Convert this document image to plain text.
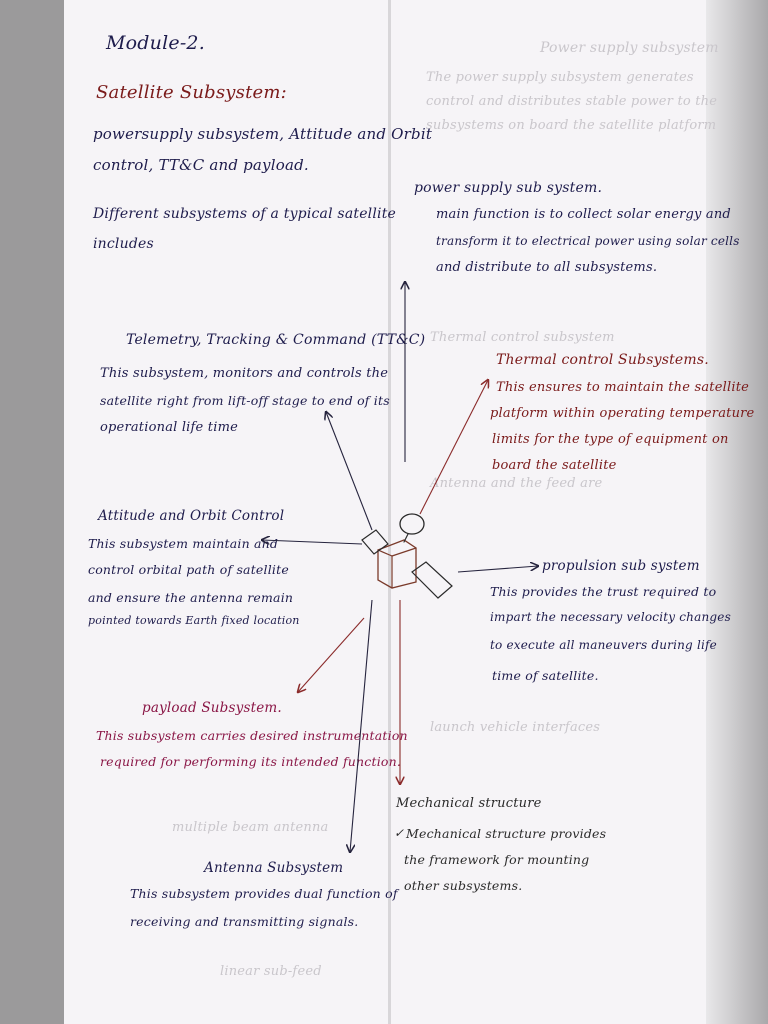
Power supply subsystem
The power supply subsystem generates
control and distributes stable power to the
subsystems on board the satellite platform
Thermal control subsystem
Antenna and the feed are
launch vehicle interfaces
multiple beam antenna
linear sub-feed
Module-2.
Satellite Subsystem:
powersupply subsystem, Attitude and Orbit
control, TT&C and payload.
Different subsystems of a typical satellite
includes
power supply sub system.
main function is to collect solar energy and
transform it to electrical power using solar cells
and distribute to all subsystems.
Telemetry, Tracking & Command (TT&C)
This subsystem, monitors and controls the
satellite right from lift-off stage to end of its
operational life time
Thermal control Subsystems.
This ensures to maintain the satellite
platform within operating temperature
limits for the type of equipment on
board the satellite
Attitude and Orbit Control
This subsystem maintain and
control orbital path of satellite
and ensure the antenna remain
pointed towards Earth fixed location
propulsion sub system
This provides the trust required to
impart the necessary velocity changes
to execute all maneuvers during life
time of satellite.
payload Subsystem.
This subsystem carries desired instrumentation
required for performing its intended function.
Mechanical structure
✓ Mechanical structure provides
the framework for mounting
other subsystems.
Antenna Subsystem
This subsystem provides dual function of
receiving and transmitting signals.
